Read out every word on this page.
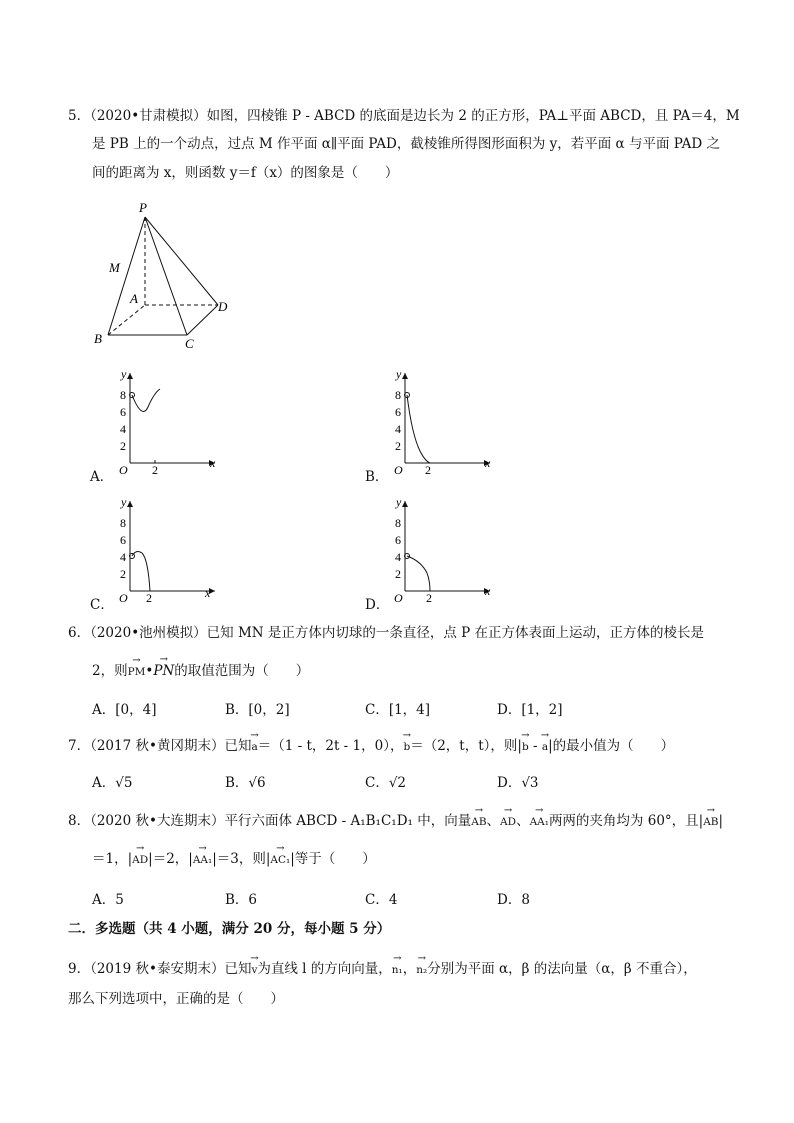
5．（2020•甘肃模拟）如图，四棱锥 P - ABCD 的底面是边长为 2 的正方形，PA⊥平面 ABCD，且 PA＝4，M
是 PB 上的一个动点，过点 M 作平面 α∥平面 PAD，截棱锥所得图形面积为 y，若平面 α 与平面 PAD 之
间的距离为 x，则函数 y＝f（x）的图象是（　　）
P
M
A
B	C
D
A．
y
x
O 2
8
6
4
2
B．
y
x
O 2
8
6
4
2
C．
y
x
O 2
8
6
4
2
D．
y
x
O 2
8
6
4
2
6．（2020•池州模拟）已知 MN 是正方体内切球的一条直径，点 P 在正方体表面上运动，正方体的棱长是
2，则→ PM•→ PN的取值范围为（　　）
A．[0，4]	B．[0，2]	C．[1，4]	D．[1，2]
7．（2017 秋•黄冈期末）已知→ a＝（1 - t，2t - 1，0），→ b＝（2，t，t），则|→ b - → a|的最小值为（　　）
A．√5	B．√6	C．√2	D．√3
8．（2020 秋•大连期末）平行六面体 ABCD - A₁B₁C₁D₁ 中，向量→ AB、→ AD、→ AA₁两两的夹角均为 60°，且|→ AB|
＝1，|→ AD|＝2，|→ AA₁|＝3，则|→ AC₁|等于（　　）
A．5	B．6	C．4	D．8
二．多选题（共 4 小题，满分 20 分，每小题 5 分）
9．（2019 秋•泰安期末）已知→ v为直线 l 的方向向量，→ n₁，→ n₂分别为平面 α，β 的法向量（α，β 不重合），
那么下列选项中，正确的是（　　）
